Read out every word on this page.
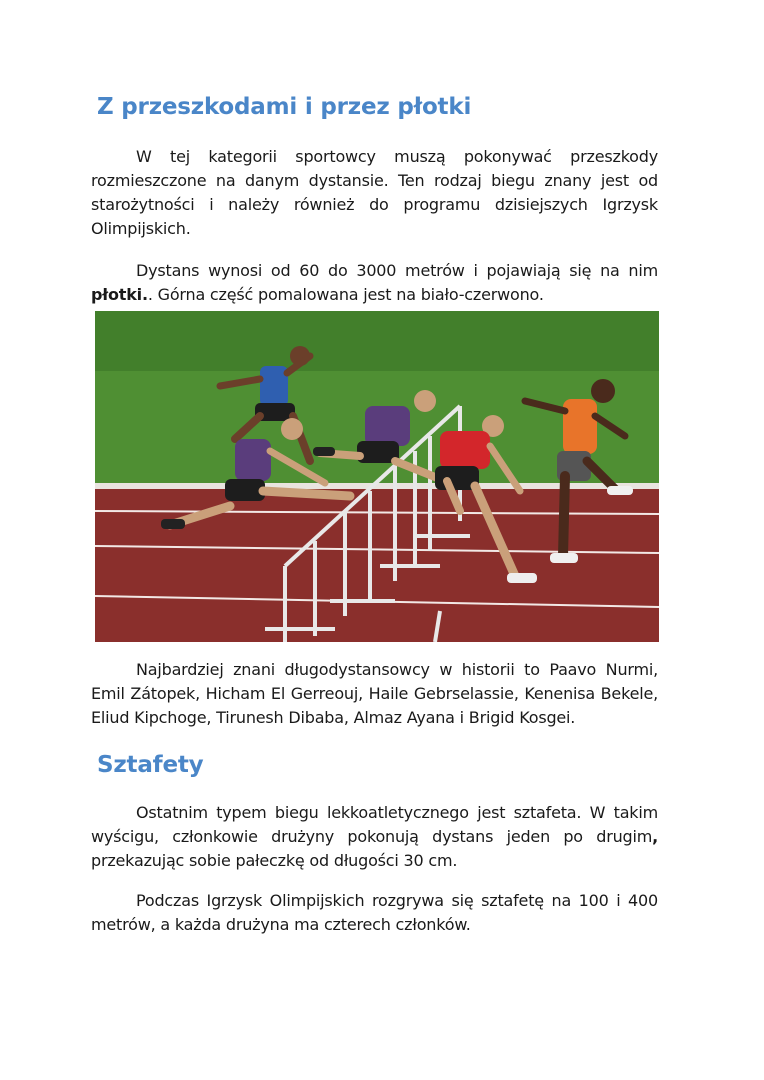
Z przeszkodami i przez płotki

W tej kategorii sportowcy muszą pokonywać przeszkody rozmieszczone na danym dystansie. Ten rodzaj biegu znany jest od starożytności i należy również do programu dzisiejszych Igrzysk Olimpijskich.

Dystans wynosi od 60 do 3000 metrów i pojawiają się na nim płotki.. Górna część pomalowana jest na biało-czerwono.

Najbardziej znani długodystansowcy w historii to Paavo Nurmi, Emil Zátopek, Hicham El Gerreouj, Haile Gebrselassie, Kenenisa Bekele, Eliud Kipchoge, Tirunesh Dibaba, Almaz Ayana i Brigid Kosgei.

Sztafety

Ostatnim typem biegu lekkoatletycznego jest sztafeta. W takim wyścigu, członkowie drużyny pokonują dystans jeden po drugim, przekazując sobie pałeczkę od długości 30 cm.

Podczas Igrzysk Olimpijskich rozgrywa się sztafetę na 100 i 400 metrów, a każda drużyna ma czterech członków.
